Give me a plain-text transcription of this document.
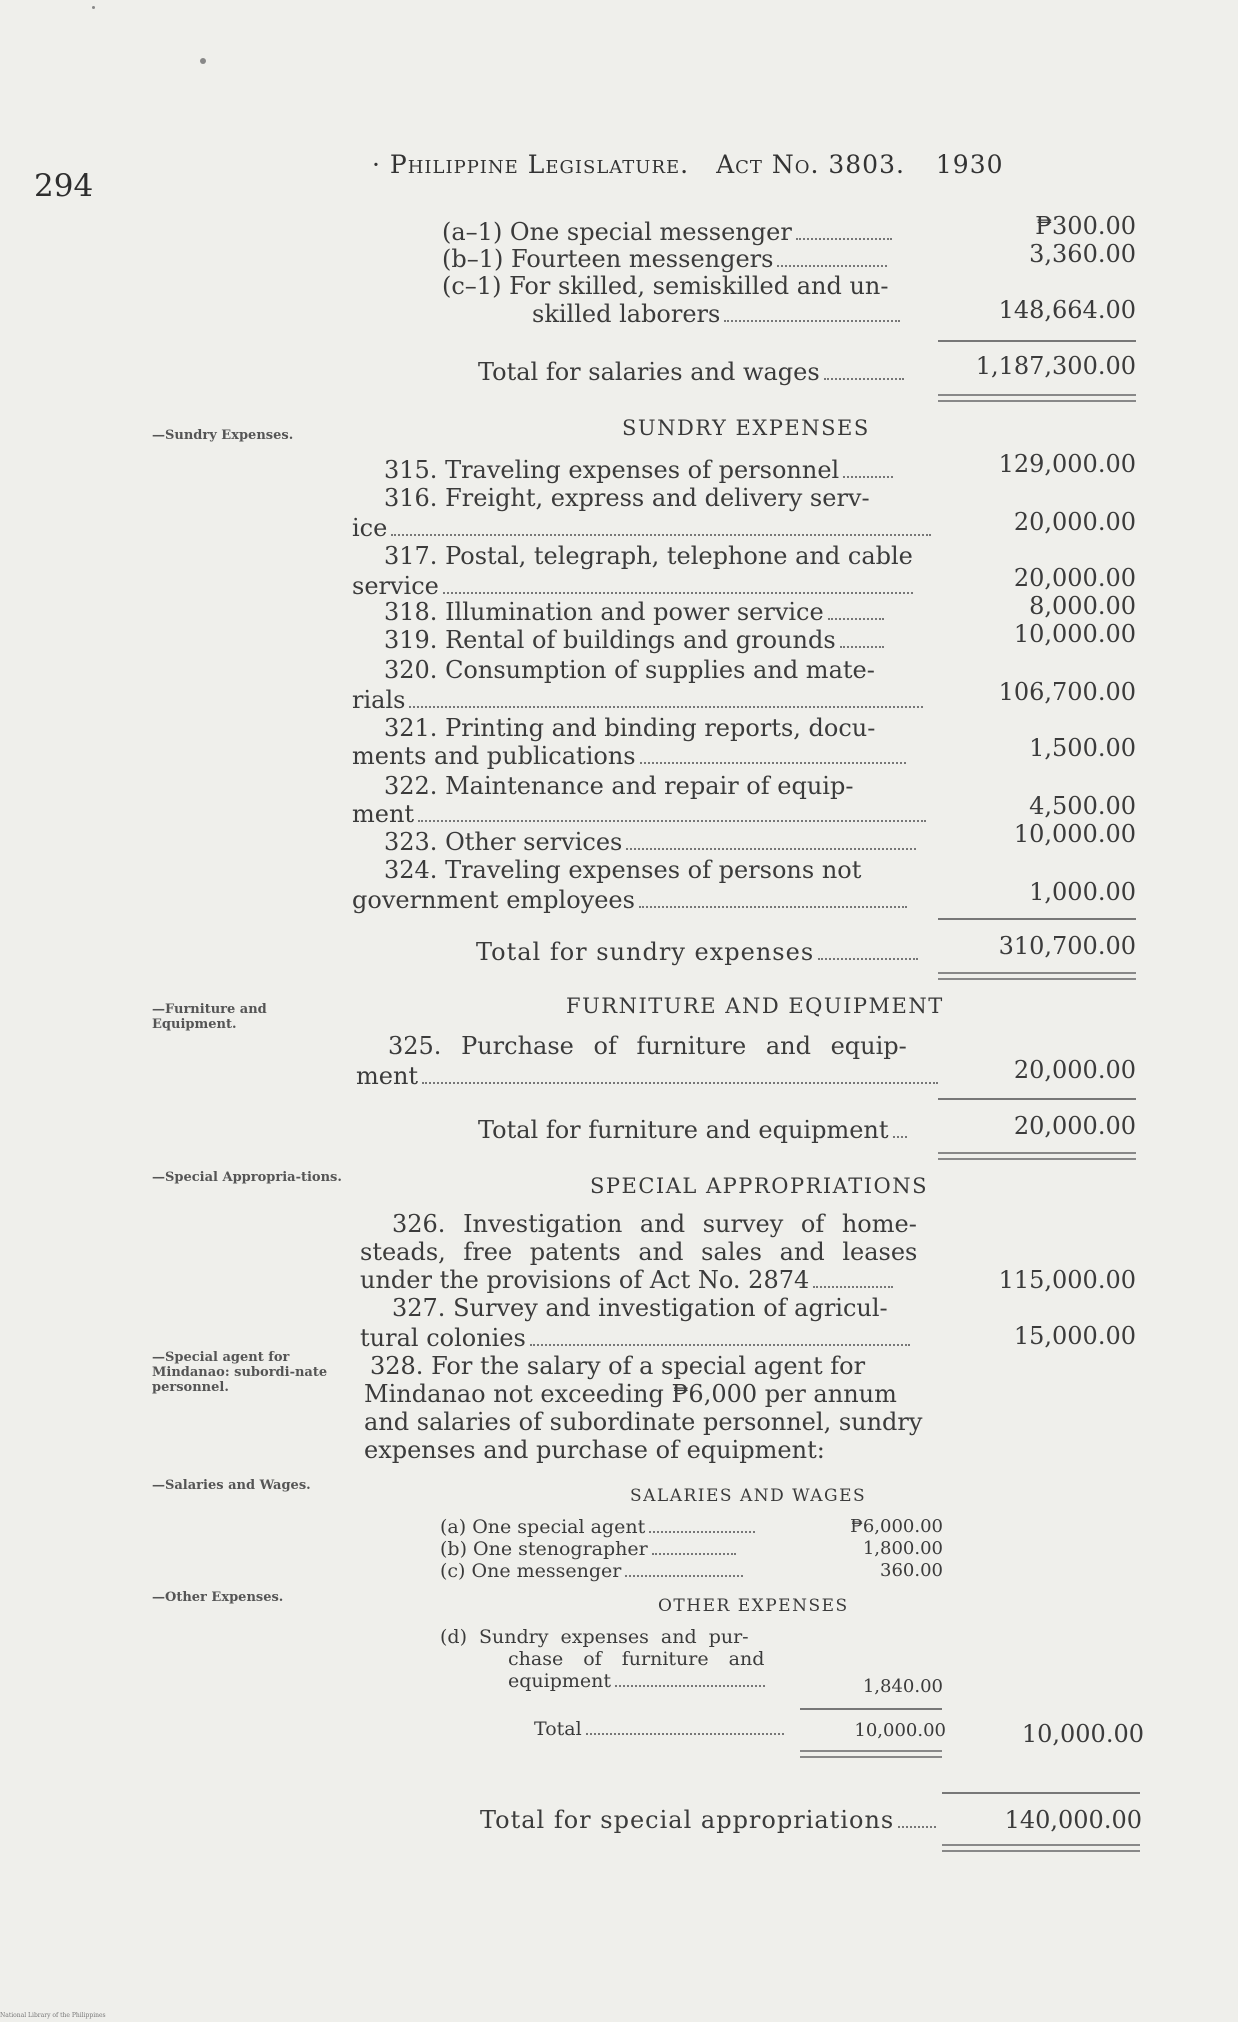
294
· Philippine Legislature. Act No. 3803. 1930
(a–1) One special messenger	₱300.00
(b–1) Fourteen messengers	3,360.00
(c–1) For skilled, semiskilled and un-
skilled laborers	148,664.00
Total for salaries and wages	1,187,300.00
—Sundry Expenses.	SUNDRY EXPENSES
315. Traveling expenses of personnel	129,000.00
316. Freight, express and delivery serv-
ice	20,000.00
317. Postal, telegraph, telephone and cable
service	20,000.00
318. Illumination and power service	8,000.00
319. Rental of buildings and grounds	10,000.00
320. Consumption of supplies and mate-
rials	106,700.00
321. Printing and binding reports, docu-
ments and publications	1,500.00
322. Maintenance and repair of equip-
ment	4,500.00
323. Other services	10,000.00
324. Traveling expenses of persons not
government employees	1,000.00
Total for sundry expenses	310,700.00
—Furniture and Equipment.
FURNITURE AND EQUIPMENT
325. Purchase of furniture and equip-
ment	20,000.00
Total for furniture and equipment	20,000.00
—Special Appropria-tions.	SPECIAL APPROPRIATIONS
326. Investigation and survey of home-
steads, free patents and sales and leases
under the provisions of Act No. 2874	115,000.00
327. Survey and investigation of agricul-
tural colonies	15,000.00
—Special agent for Mindanao: subordi-nate personnel.
328. For the salary of a special agent for
Mindanao not exceeding ₱6,000 per annum
and salaries of subordinate personnel, sundry
expenses and purchase of equipment:
—Salaries and Wages.
SALARIES AND WAGES
(a) One special agent	₱6,000.00
(b) One stenographer	1,800.00
(c) One messenger	360.00
—Other Expenses.	OTHER EXPENSES
(d) Sundry expenses and pur-
chase of furniture and
equipment	1,840.00
Total	10,000.00	10,000.00
Total for special appropriations	140,000.00
National Library of the Philippines
